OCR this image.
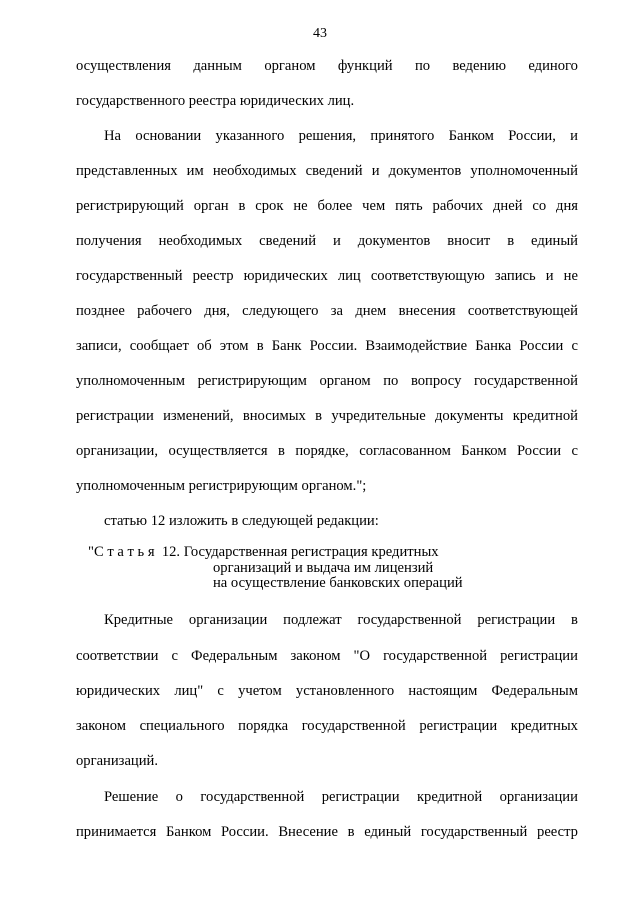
43
осуществления данным органом функций по ведению единого
государственного реестра юридических лиц.
На основании указанного решения, принятого Банком России, и
представленных им необходимых сведений и документов уполномоченный
регистрирующий орган в срок не более чем пять рабочих дней со дня
получения необходимых сведений и документов вносит в единый
государственный реестр юридических лиц соответствующую запись и не
позднее рабочего дня, следующего за днем внесения соответствующей
записи, сообщает об этом в Банк России. Взаимодействие Банка России с
уполномоченным регистрирующим органом по вопросу государственной
регистрации изменений, вносимых в учредительные документы кредитной
организации, осуществляется в порядке, согласованном Банком России с
уполномоченным регистрирующим органом.";
статью 12 изложить в следующей редакции:
"С т а т ь я  12. Государственная регистрация кредитных
организаций и выдача им лицензий
на осуществление банковских операций
Кредитные организации подлежат государственной регистрации в
соответствии с Федеральным законом "О государственной регистрации
юридических лиц" с учетом установленного настоящим Федеральным
законом специального порядка государственной регистрации кредитных
организаций.
Решение о государственной регистрации кредитной организации
принимается Банком России. Внесение в единый государственный реестр
